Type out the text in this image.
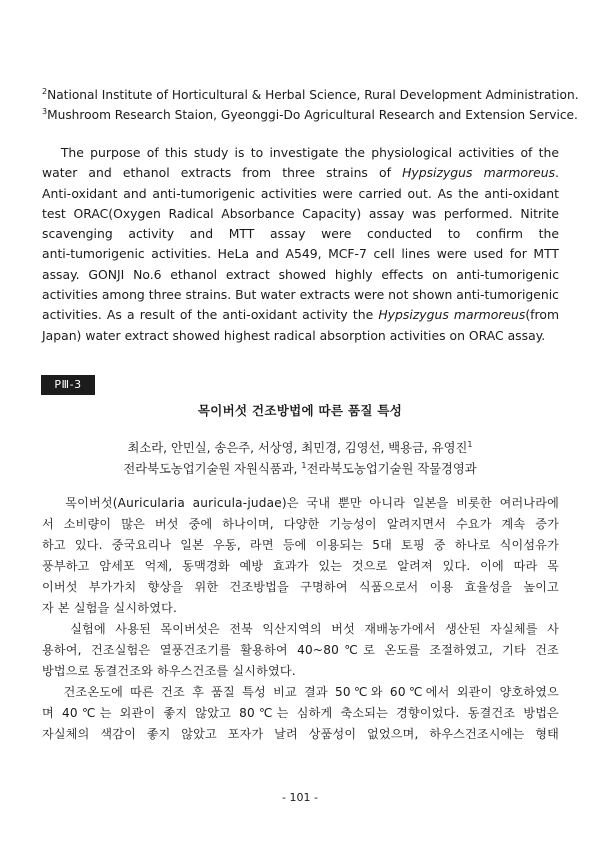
$^2$National Institute of Horticultural & Herbal Science, Rural Development Administration.
$^3$Mushroom Research Staion, Gyeonggi-Do Agricultural Research and Extension Service.
The purpose of this study is to investigate the physiological activities of the
water and ethanol extracts from three strains of Hypsizygus marmoreus.
Anti-oxidant and anti-tumorigenic activities were carried out. As the anti-oxidant
test ORAC(Oxygen Radical Absorbance Capacity) assay was performed. Nitrite
scavenging activity and MTT assay were conducted to confirm the
anti-tumorigenic activities. HeLa and A549, MCF-7 cell lines were used for MTT
assay. GONJI No.6 ethanol extract showed highly effects on anti-tumorigenic
activities among three strains. But water extracts were not shown anti-tumorigenic
activities. As a result of the anti-oxidant activity the Hypsizygus marmoreus(from
Japan) water extract showed highest radical absorption activities on ORAC assay.
PⅢ-3
목이버섯 건조방법에 따른 품질 특성
최소라, 안민실, 송은주, 서상영, 최민경, 김영선, 백용금, 유영진$^1$
전라북도농업기술원 자원식품과, $^1$전라북도농업기술원 작물경영과
목이버섯(Auricularia auricula-judae)은 국내 뿐만 아니라 일본을 비롯한 여러나라에
서 소비량이 많은 버섯 중에 하나이며, 다양한 기능성이 알려지면서 수요가 계속 증가
하고 있다. 중국요리나 일본 우동, 라면 등에 이용되는 5대 토핑 중 하나로 식이섬유가
풍부하고 암세포 억제, 동맥경화 예방 효과가 있는 것으로 알려져 있다. 이에 따라 목
이버섯 부가가치 향상을 위한 건조방법을 구명하여 식품으로서 이용 효율성을 높이고
자 본 실험을 실시하였다.
실험에 사용된 목이버섯은 전북 익산지역의 버섯 재배농가에서 생산된 자실체를 사
용하여, 건조실험은 열풍건조기를 활용하여 40~80℃로 온도를 조절하였고, 기타 건조
방법으로 동결건조와 하우스건조를 실시하였다.
건조온도에 따른 건조 후 품질 특성 비교 결과 50℃와 60℃에서 외관이 양호하였으
며 40℃는 외관이 좋지 않았고 80℃는 심하게 축소되는 경향이었다. 동결건조 방법은
자실체의 색감이 좋지 않았고 포자가 날려 상품성이 없었으며, 하우스건조시에는 형태
- 101 -
